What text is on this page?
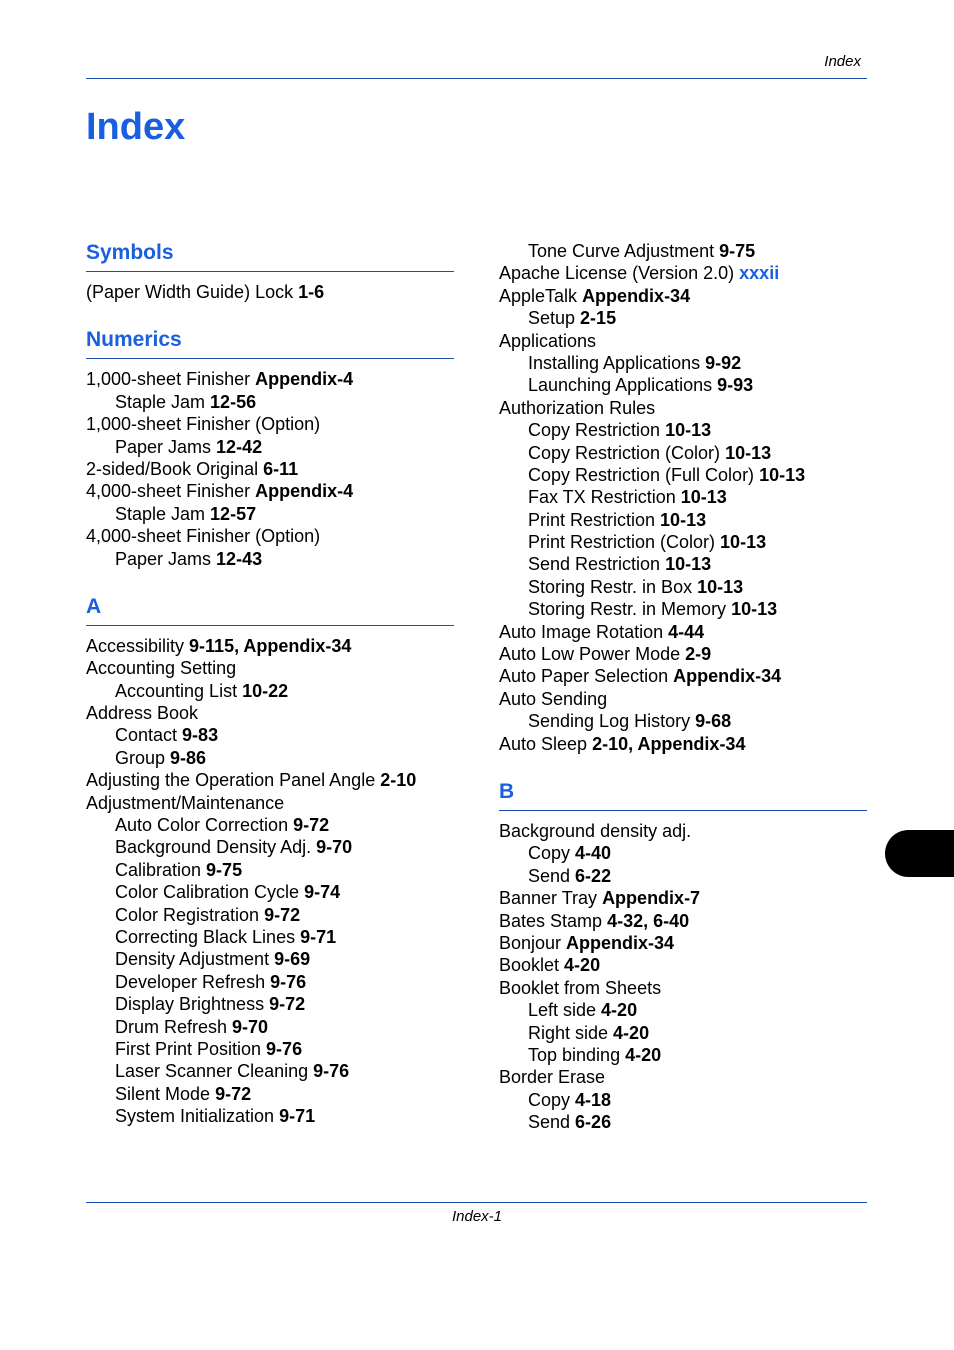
Index
Index
Symbols
(Paper Width Guide) Lock 1-6
Numerics
1,000-sheet Finisher Appendix-4
Staple Jam 12-56
1,000-sheet Finisher (Option)
Paper Jams 12-42
2-sided/Book Original 6-11
4,000-sheet Finisher Appendix-4
Staple Jam 12-57
4,000-sheet Finisher (Option)
Paper Jams 12-43
A
Accessibility 9-115, Appendix-34
Accounting Setting
Accounting List 10-22
Address Book
Contact 9-83
Group 9-86
Adjusting the Operation Panel Angle 2-10
Adjustment/Maintenance
Auto Color Correction 9-72
Background Density Adj. 9-70
Calibration 9-75
Color Calibration Cycle 9-74
Color Registration 9-72
Correcting Black Lines 9-71
Density Adjustment 9-69
Developer Refresh 9-76
Display Brightness 9-72
Drum Refresh 9-70
First Print Position 9-76
Laser Scanner Cleaning 9-76
Silent Mode 9-72
System Initialization 9-71
Tone Curve Adjustment 9-75
Apache License (Version 2.0) xxxii
AppleTalk Appendix-34
Setup 2-15
Applications
Installing Applications 9-92
Launching Applications 9-93
Authorization Rules
Copy Restriction 10-13
Copy Restriction (Color) 10-13
Copy Restriction (Full Color) 10-13
Fax TX Restriction 10-13
Print Restriction 10-13
Print Restriction (Color) 10-13
Send Restriction 10-13
Storing Restr. in Box 10-13
Storing Restr. in Memory 10-13
Auto Image Rotation 4-44
Auto Low Power Mode 2-9
Auto Paper Selection Appendix-34
Auto Sending
Sending Log History 9-68
Auto Sleep 2-10, Appendix-34
B
Background density adj.
Copy 4-40
Send 6-22
Banner Tray Appendix-7
Bates Stamp 4-32, 6-40
Bonjour Appendix-34
Booklet 4-20
Booklet from Sheets
Left side 4-20
Right side 4-20
Top binding 4-20
Border Erase
Copy 4-18
Send 6-26
Index-1
